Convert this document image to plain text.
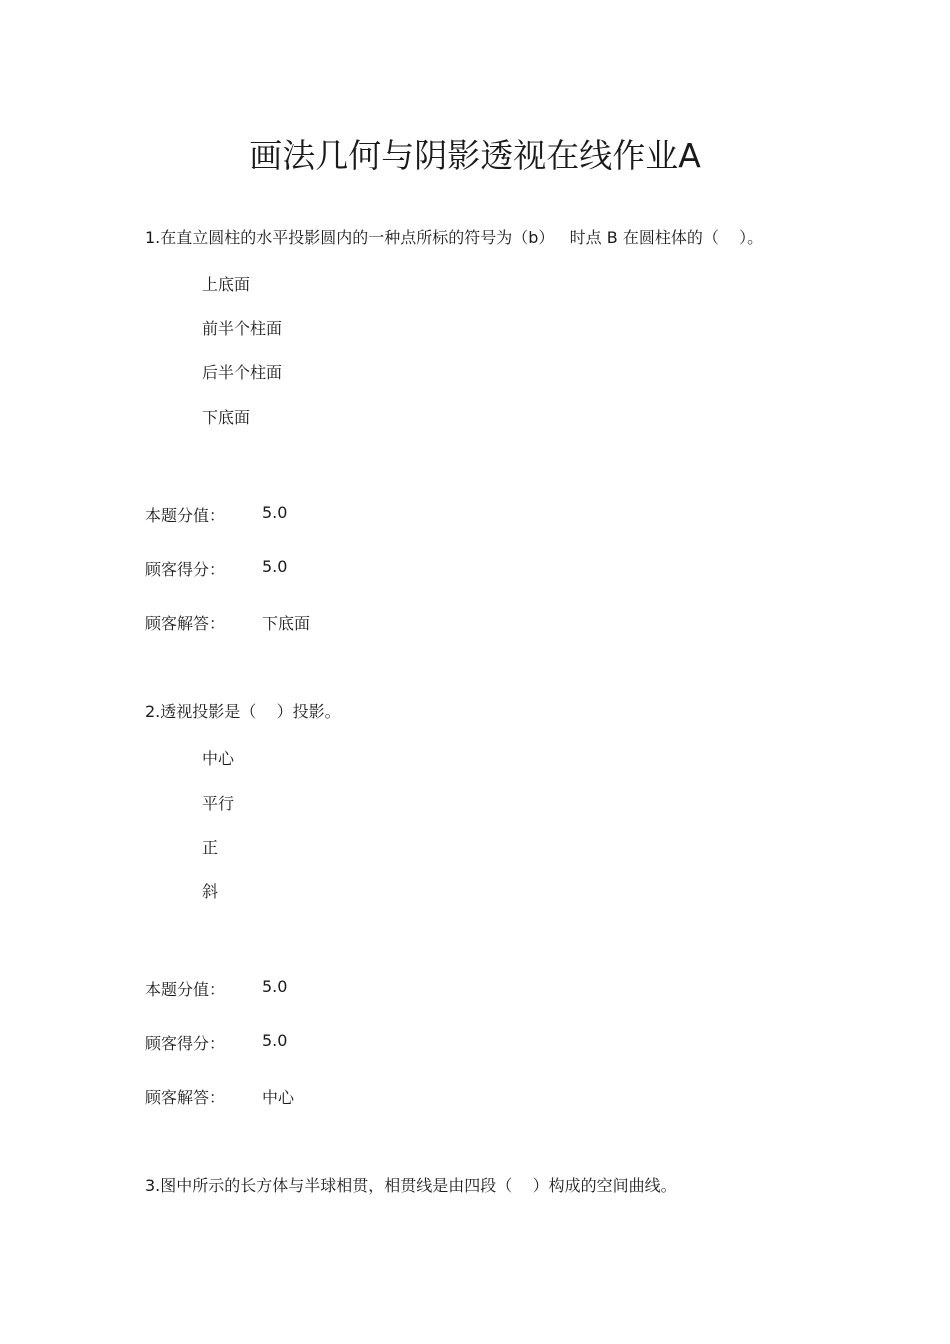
画法几何与阴影透视在线作业A
1.在直立圆柱的水平投影圆内的一种点所标的符号为（b）   时点 B 在圆柱体的（    ）。
上底面
前半个柱面
后半个柱面
下底面
本题分值： 5.0
顾客得分： 5.0
顾客解答： 下底面
2.透视投影是（    ）投影。
中心
平行
正
斜
本题分值： 5.0
顾客得分： 5.0
顾客解答： 中心
3.图中所示的长方体与半球相贯，相贯线是由四段（    ）构成的空间曲线。
